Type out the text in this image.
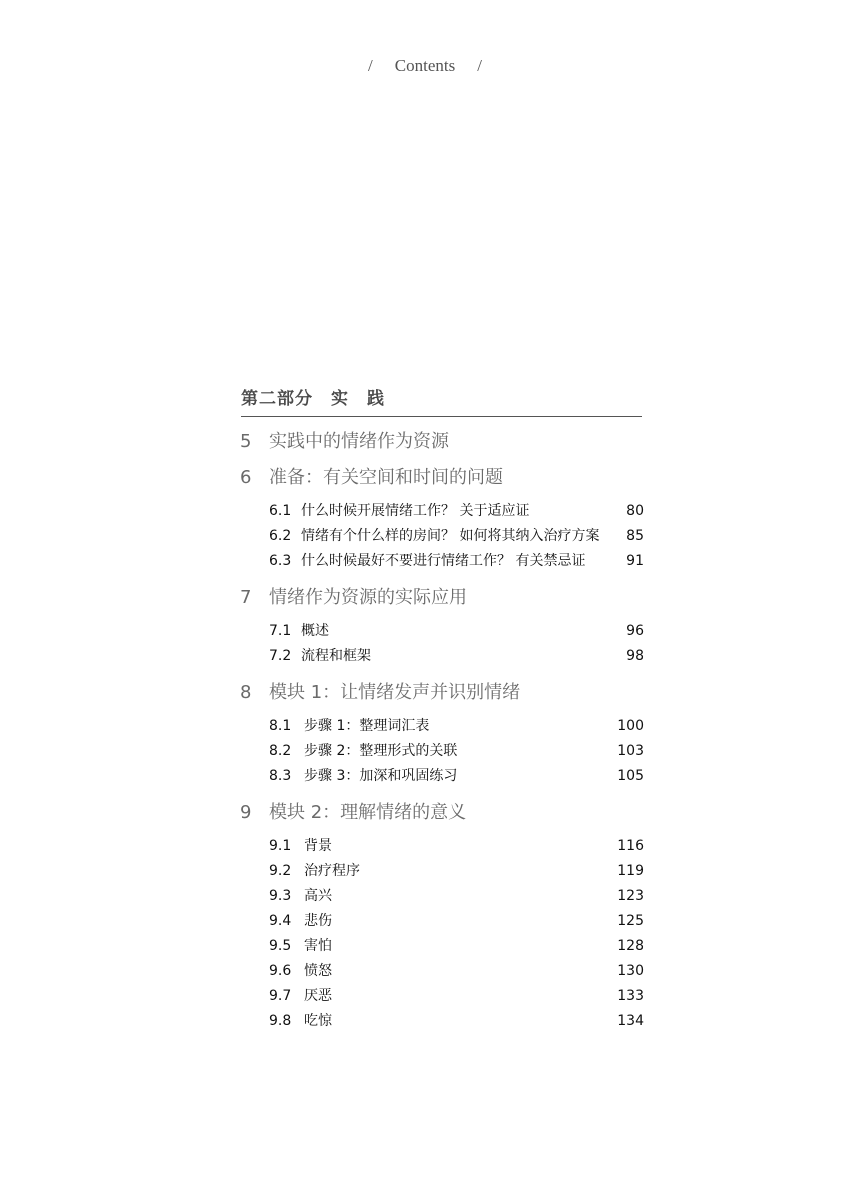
/ Contents /
第二部分　实　践
5 实践中的情绪作为资源
6 准备：有关空间和时间的问题
6.1 什么时候开展情绪工作？ 关于适应证	80
6.2 情绪有个什么样的房间？ 如何将其纳入治疗方案	85
6.3 什么时候最好不要进行情绪工作？ 有关禁忌证	91
7 情绪作为资源的实际应用
7.1 概述	96
7.2 流程和框架	98
8 模块 1：让情绪发声并识别情绪
8.1 步骤 1：整理词汇表	100
8.2 步骤 2：整理形式的关联	103
8.3 步骤 3：加深和巩固练习	105
9 模块 2：理解情绪的意义
9.1 背景	116
9.2 治疗程序	119
9.3 高兴	123
9.4 悲伤	125
9.5 害怕	128
9.6 愤怒	130
9.7 厌恶	133
9.8 吃惊	134
